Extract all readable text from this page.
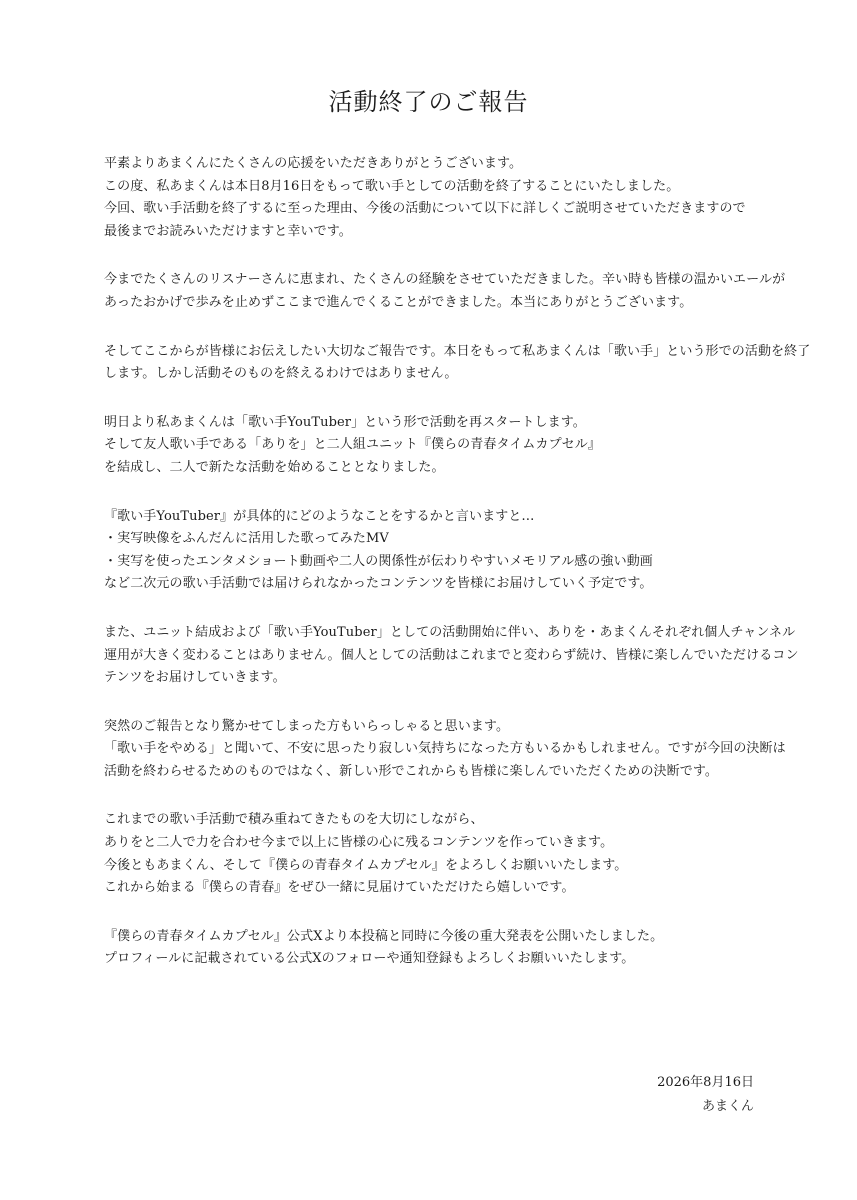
活動終了のご報告
平素よりあまくんにたくさんの応援をいただきありがとうございます。
この度、私あまくんは本日8月16日をもって歌い手としての活動を終了することにいたしました。
今回、歌い手活動を終了するに至った理由、今後の活動について以下に詳しくご説明させていただきますので
最後までお読みいただけますと幸いです。
今までたくさんのリスナーさんに恵まれ、たくさんの経験をさせていただきました。辛い時も皆様の温かいエールが
あったおかげで歩みを止めずここまで進んでくることができました。本当にありがとうございます。
そしてここからが皆様にお伝えしたい大切なご報告です。本日をもって私あまくんは「歌い手」という形での活動を終了
します。しかし活動そのものを終えるわけではありません。
明日より私あまくんは「歌い手YouTuber」という形で活動を再スタートします。
そして友人歌い手である「ありを」と二人組ユニット『僕らの青春タイムカプセル』
を結成し、二人で新たな活動を始めることとなりました。
『歌い手YouTuber』が具体的にどのようなことをするかと言いますと…
・実写映像をふんだんに活用した歌ってみたMV
・実写を使ったエンタメショート動画や二人の関係性が伝わりやすいメモリアル感の強い動画
など二次元の歌い手活動では届けられなかったコンテンツを皆様にお届けしていく予定です。
また、ユニット結成および「歌い手YouTuber」としての活動開始に伴い、ありを・あまくんそれぞれ個人チャンネル
運用が大きく変わることはありません。個人としての活動はこれまでと変わらず続け、皆様に楽しんでいただけるコン
テンツをお届けしていきます。
突然のご報告となり驚かせてしまった方もいらっしゃると思います。
「歌い手をやめる」と聞いて、不安に思ったり寂しい気持ちになった方もいるかもしれません。ですが今回の決断は
活動を終わらせるためのものではなく、新しい形でこれからも皆様に楽しんでいただくための決断です。
これまでの歌い手活動で積み重ねてきたものを大切にしながら、
ありをと二人で力を合わせ今まで以上に皆様の心に残るコンテンツを作っていきます。
今後ともあまくん、そして『僕らの青春タイムカプセル』をよろしくお願いいたします。
これから始まる『僕らの青春』をぜひ一緒に見届けていただけたら嬉しいです。
『僕らの青春タイムカプセル』公式Xより本投稿と同時に今後の重大発表を公開いたしました。
プロフィールに記載されている公式Xのフォローや通知登録もよろしくお願いいたします。
2026年8月16日
あまくん
